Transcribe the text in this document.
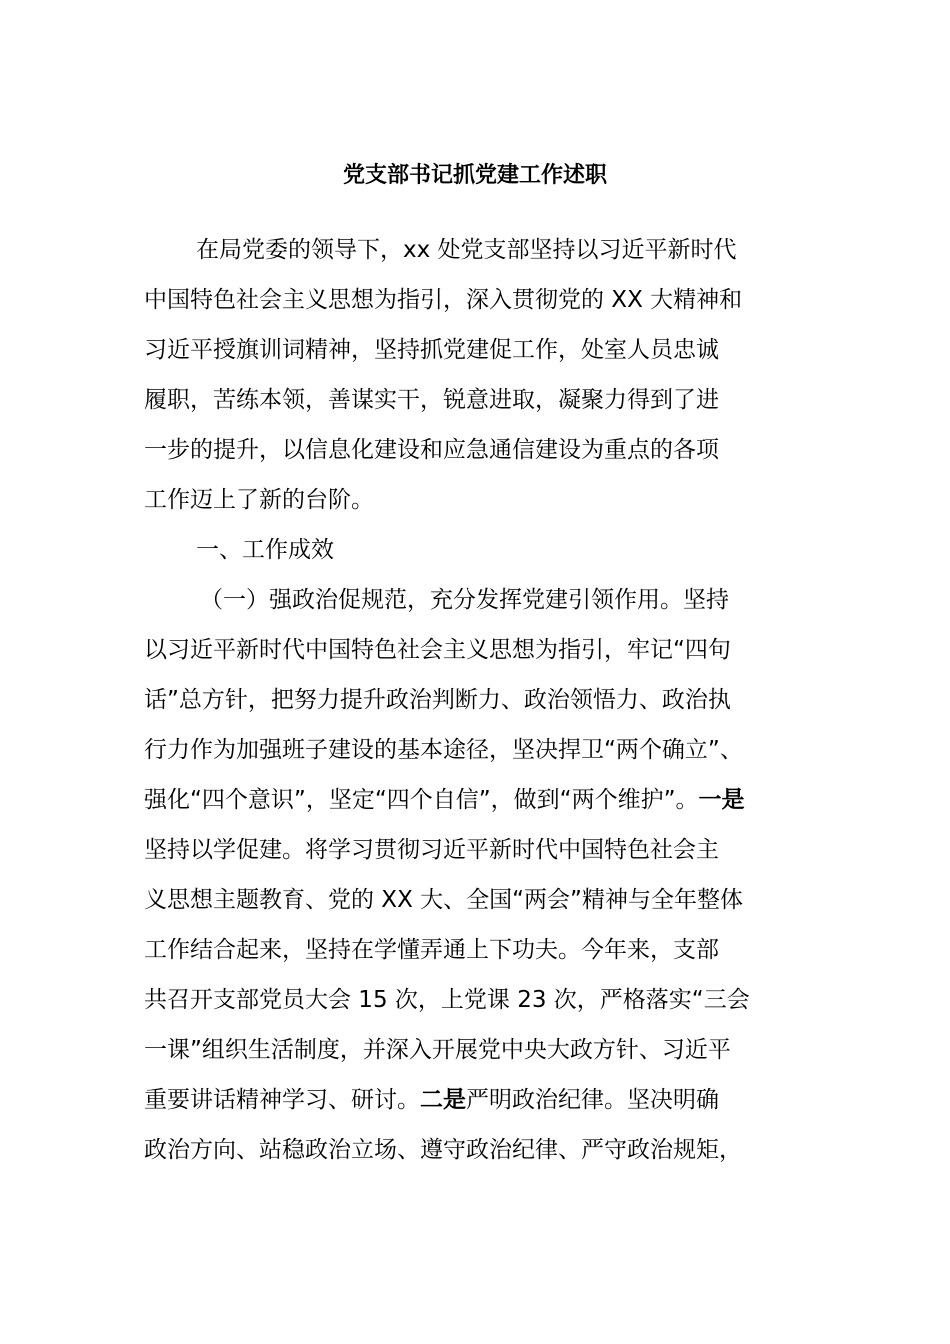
党支部书记抓党建工作述职

在局党委的领导下，xx 处党支部坚持以习近平新时代

中国特色社会主义思想为指引，深入贯彻党的 XX 大精神和

习近平授旗训词精神，坚持抓党建促工作，处室人员忠诚

履职，苦练本领，善谋实干，锐意进取，凝聚力得到了进

一步的提升，以信息化建设和应急通信建设为重点的各项

工作迈上了新的台阶。

一、工作成效

（一）强政治促规范，充分发挥党建引领作用。坚持

以习近平新时代中国特色社会主义思想为指引，牢记“四句

话”总方针，把努力提升政治判断力、政治领悟力、政治执

行力作为加强班子建设的基本途径，坚决捍卫“两个确立”、

强化“四个意识”，坚定“四个自信”，做到“两个维护”。一是

坚持以学促建。将学习贯彻习近平新时代中国特色社会主

义思想主题教育、党的 XX 大、全国“两会”精神与全年整体

工作结合起来，坚持在学懂弄通上下功夫。今年来，支部

共召开支部党员大会 15 次，上党课 23 次，严格落实“三会

一课”组织生活制度，并深入开展党中央大政方针、习近平

重要讲话精神学习、研讨。二是严明政治纪律。坚决明确

政治方向、站稳政治立场、遵守政治纪律、严守政治规矩，
